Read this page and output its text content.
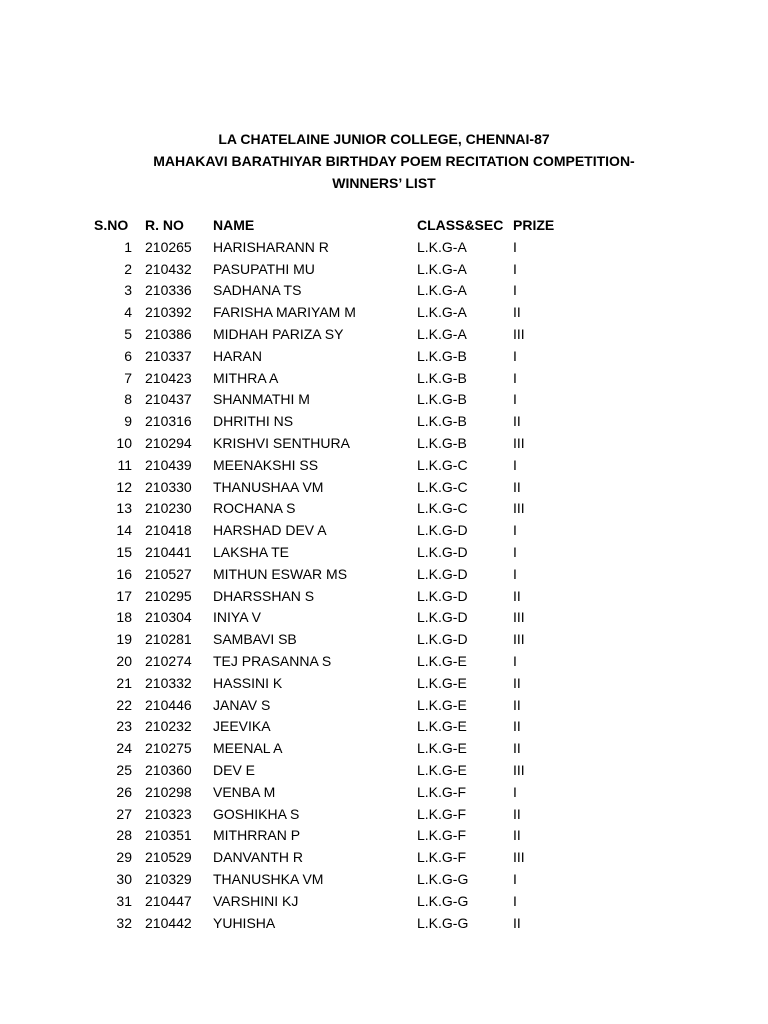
LA CHATELAINE JUNIOR COLLEGE, CHENNAI-87
MAHAKAVI BARATHIYAR BIRTHDAY POEM RECITATION COMPETITION-
WINNERS’ LIST
S.NO R. NO NAME	CLASS&SEC PRIZE
1 210265 HARISHARANN R	L.K.G-A	I
2 210432 PASUPATHI MU	L.K.G-A	I
3 210336 SADHANA TS	L.K.G-A	I
4 210392 FARISHA MARIYAM M	L.K.G-A	II
5 210386 MIDHAH PARIZA SY	L.K.G-A	III
6 210337 HARAN	L.K.G-B	I
7 210423 MITHRA A	L.K.G-B	I
8 210437 SHANMATHI M	L.K.G-B	I
9 210316 DHRITHI NS	L.K.G-B	II
10 210294 KRISHVI SENTHURA	L.K.G-B	III
11 210439 MEENAKSHI SS	L.K.G-C	I
12 210330 THANUSHAA VM	L.K.G-C	II
13 210230 ROCHANA S	L.K.G-C	III
14 210418 HARSHAD DEV A	L.K.G-D	I
15 210441 LAKSHA TE	L.K.G-D	I
16 210527 MITHUN ESWAR MS	L.K.G-D	I
17 210295 DHARSSHAN S	L.K.G-D	II
18 210304 INIYA V	L.K.G-D	III
19 210281 SAMBAVI SB	L.K.G-D	III
20 210274 TEJ PRASANNA S	L.K.G-E	I
21 210332 HASSINI K	L.K.G-E	II
22 210446 JANAV S	L.K.G-E	II
23 210232 JEEVIKA	L.K.G-E	II
24 210275 MEENAL A	L.K.G-E	II
25 210360 DEV E	L.K.G-E	III
26 210298 VENBA M	L.K.G-F	I
27 210323 GOSHIKHA S	L.K.G-F	II
28 210351 MITHRRAN P	L.K.G-F	II
29 210529 DANVANTH R	L.K.G-F	III
30 210329 THANUSHKA VM	L.K.G-G	I
31 210447 VARSHINI KJ	L.K.G-G	I
32 210442 YUHISHA	L.K.G-G	II
